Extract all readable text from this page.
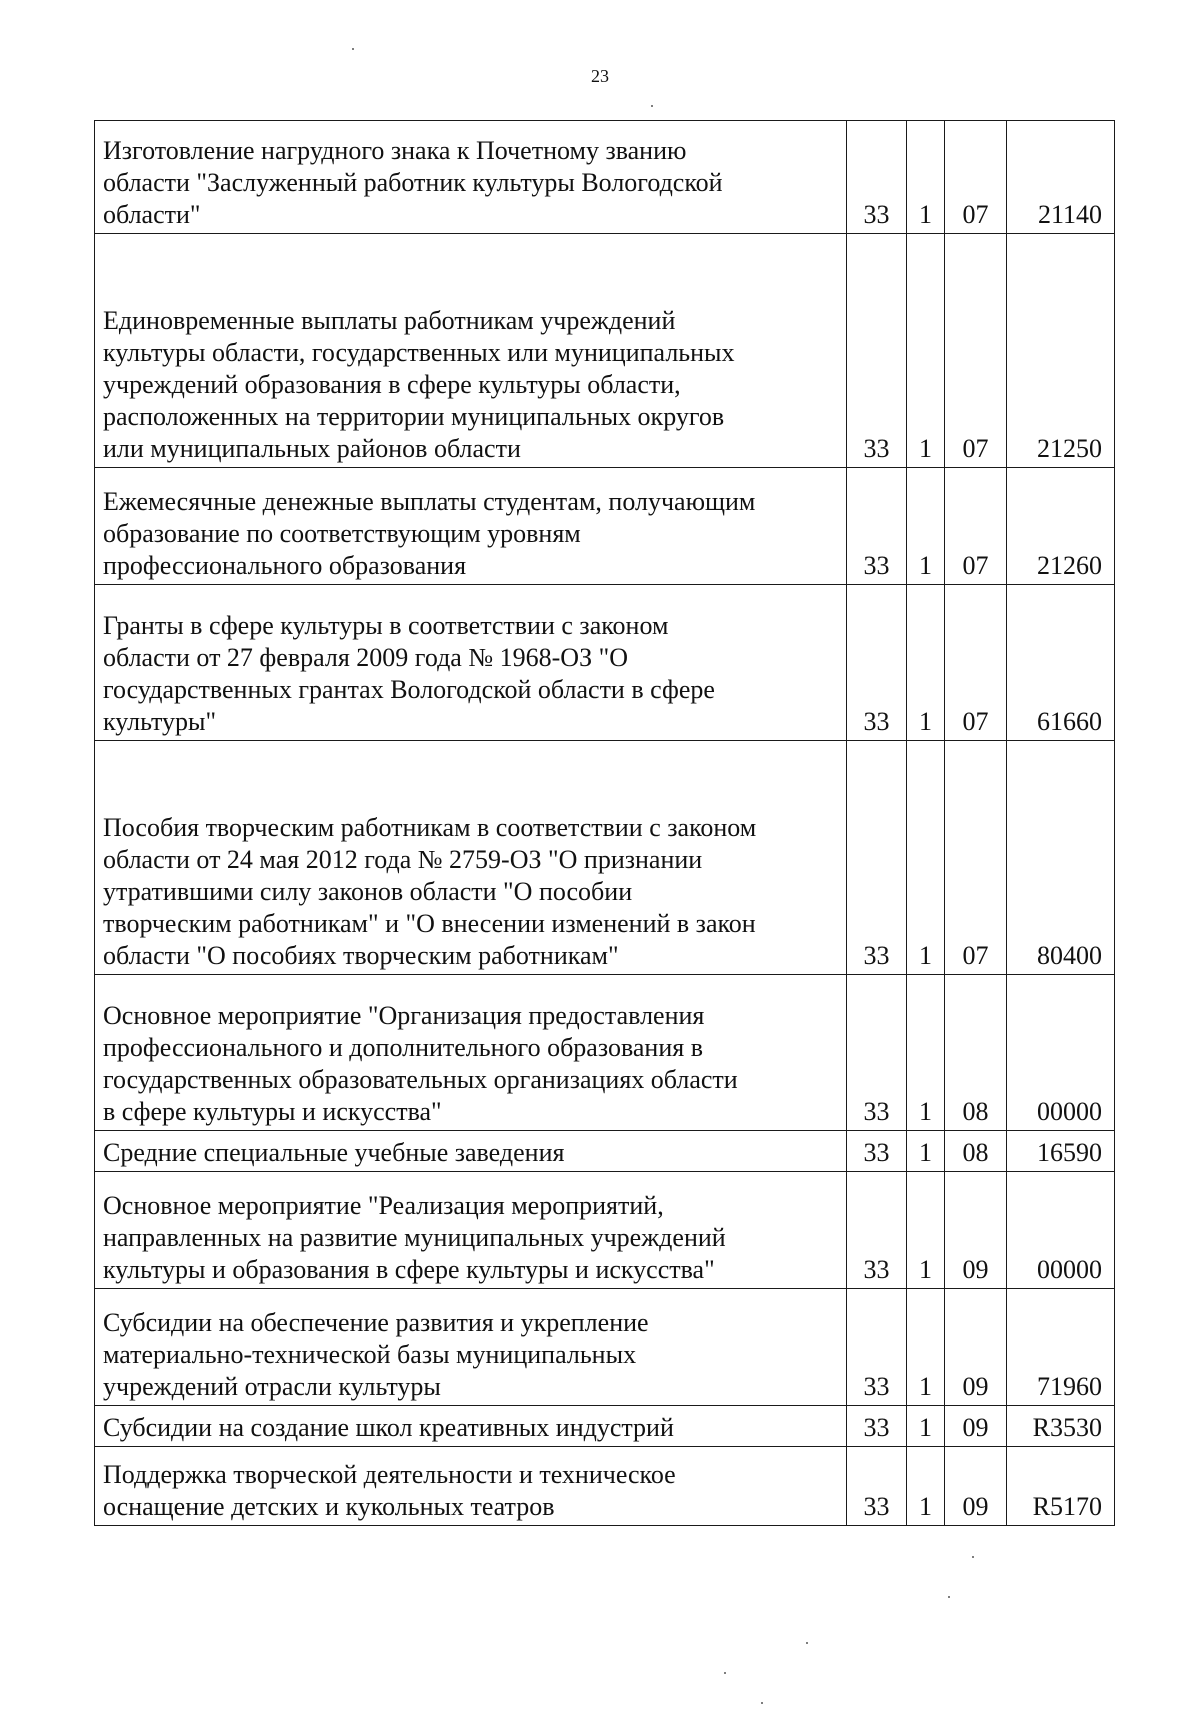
23
Изготовление нагрудного знака к Почетному званию
области "Заслуженный работник культуры Вологодской
области"	33	1	07	21140

Единовременные выплаты работникам учреждений
культуры области, государственных или муниципальных
учреждений образования в сфере культуры области,
расположенных на территории муниципальных округов
или муниципальных районов области	33	1	07	21250

Ежемесячные денежные выплаты студентам, получающим
образование по соответствующим уровням
профессионального образования	33	1	07	21260

Гранты в сфере культуры в соответствии с законом
области от 27 февраля 2009 года № 1968-ОЗ "О
государственных грантах Вологодской области в сфере
культуры"	33	1	07	61660

Пособия творческим работникам в соответствии с законом
области от 24 мая 2012 года № 2759-ОЗ "О признании
утратившими силу законов области "О пособии
творческим работникам" и "О внесении изменений в закон
области "О пособиях творческим работникам"	33	1	07	80400

Основное мероприятие "Организация предоставления
профессионального и дополнительного образования в
государственных образовательных организациях области
в сфере культуры и искусства"	33	1	08	00000

Средние специальные учебные заведения	33	1	08	16590

Основное мероприятие "Реализация мероприятий,
направленных на развитие муниципальных учреждений
культуры и образования в сфере культуры и искусства"	33	1	09	00000

Субсидии на обеспечение развития и укрепление
материально-технической базы муниципальных
учреждений отрасли культуры	33	1	09	71960

Субсидии на создание школ креативных индустрий	33	1	09	R3530

Поддержка творческой деятельности и техническое
оснащение детских и кукольных театров	33	1	09	R5170
